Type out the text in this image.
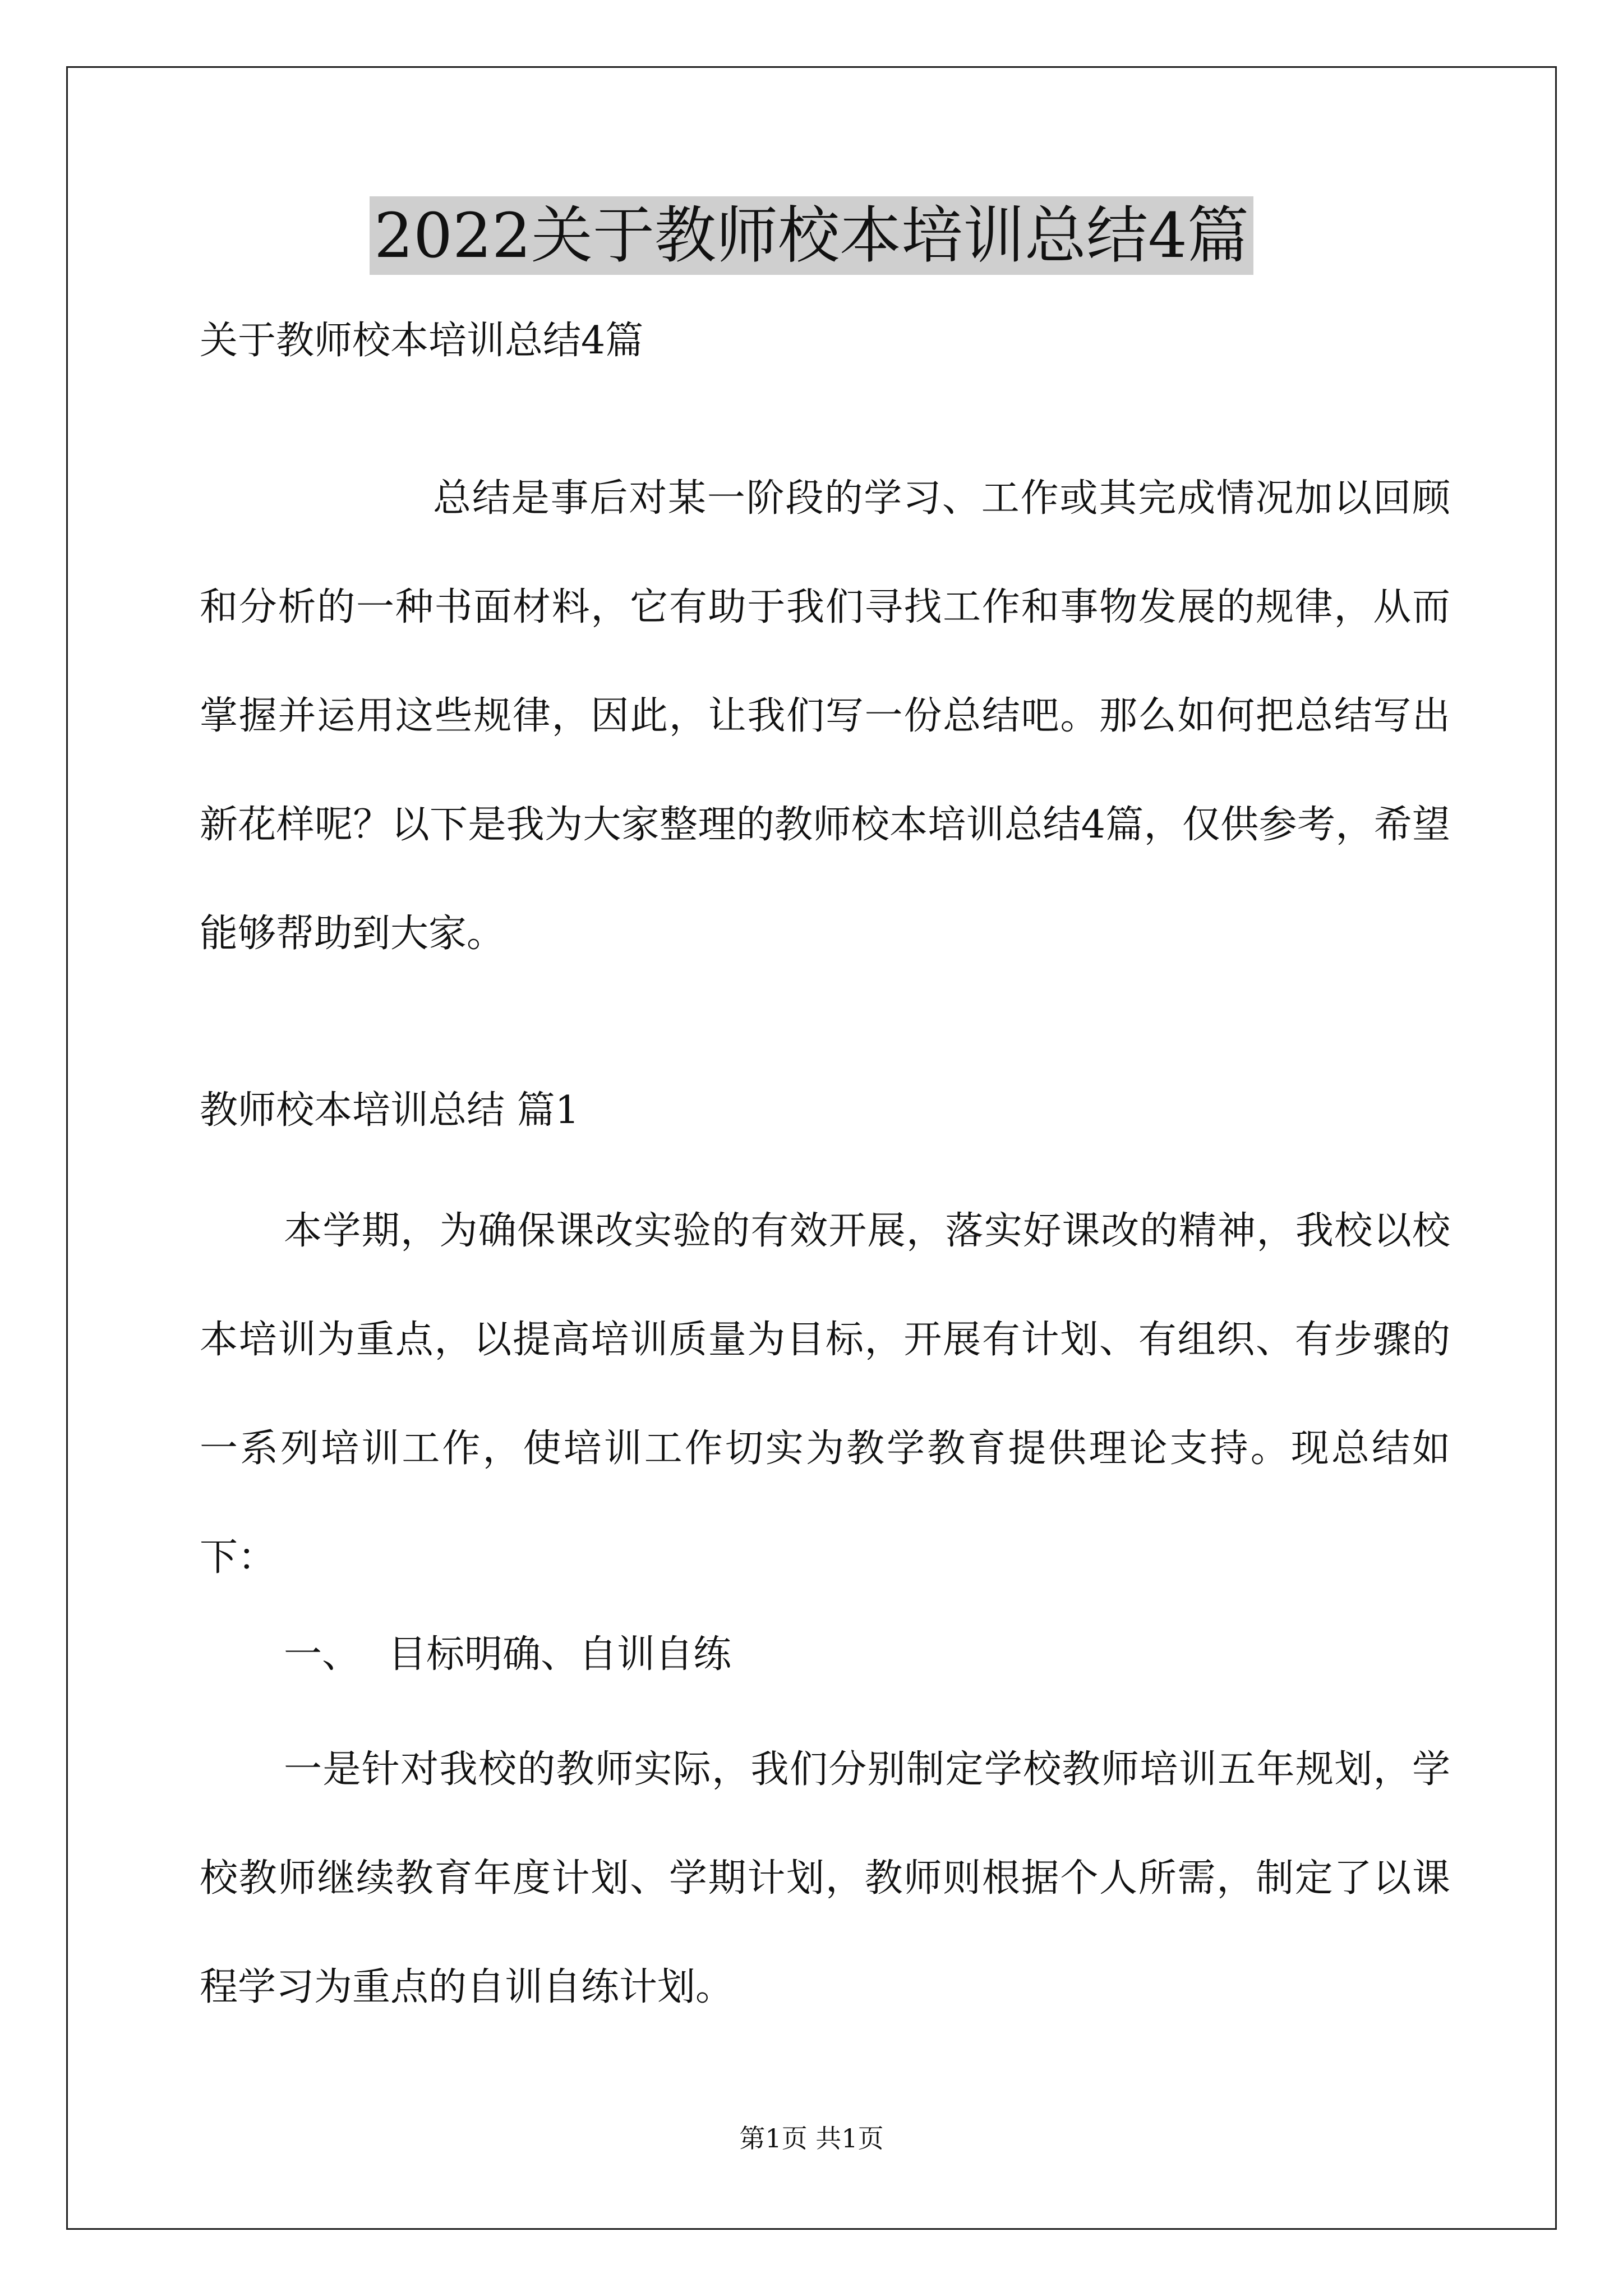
2022关于教师校本培训总结4篇
关于教师校本培训总结4篇

总结是事后对某一阶段的学习、工作或其完成情况加以回顾和分析的一种书面材料，它有助于我们寻找工作和事物发展的规律，从而掌握并运用这些规律，因此，让我们写一份总结吧。那么如何把总结写出新花样呢？以下是我为大家整理的教师校本培训总结4篇，仅供参考，希望能够帮助到大家。

教师校本培训总结 篇1

本学期，为确保课改实验的有效开展，落实好课改的精神，我校以校本培训为重点，以提高培训质量为目标，开展有计划、有组织、有步骤的一系列培训工作，使培训工作切实为教学教育提供理论支持。现总结如下：

一、 目标明确、自训自练

一是针对我校的教师实际，我们分别制定学校教师培训五年规划，学校教师继续教育年度计划、学期计划，教师则根据个人所需，制定了以课程学习为重点的自训自练计划。

第1页 共1页
